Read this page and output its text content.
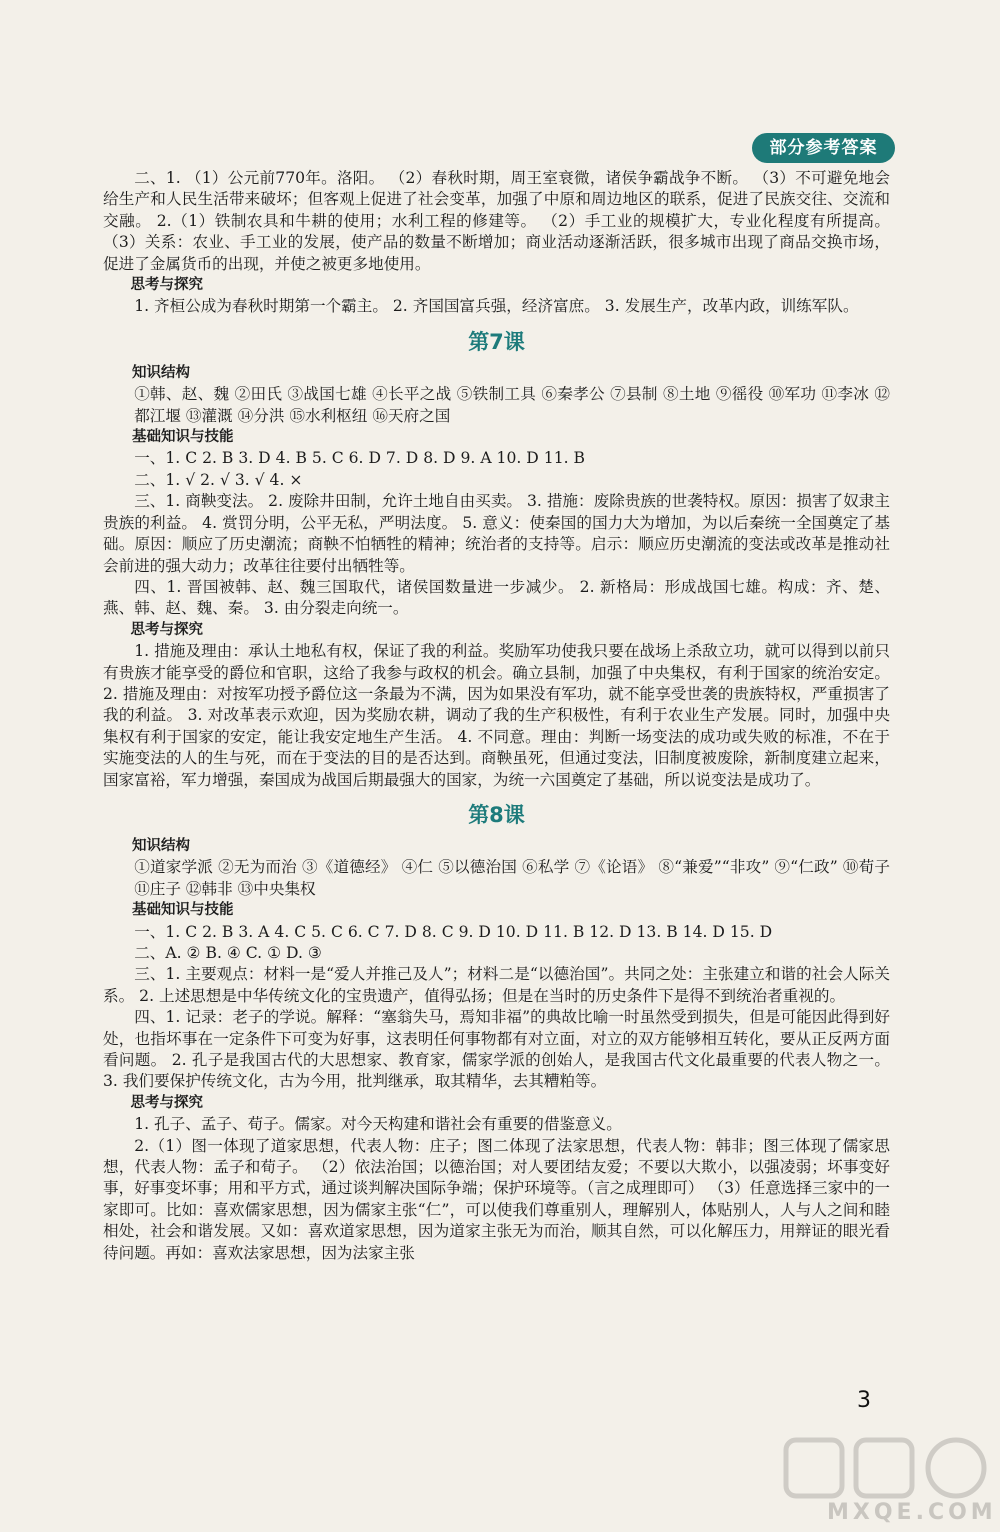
部分参考答案

二、1. （1）公元前770年。洛阳。 （2）春秋时期，周王室衰微，诸侯争霸战争不断。 （3）不可避免地会给生产和人民生活带来破坏；但客观上促进了社会变革，加强了中原和周边地区的联系，促进了民族交往、交流和交融。 2.（1）铁制农具和牛耕的使用；水利工程的修建等。 （2）手工业的规模扩大，专业化程度有所提高。 （3）关系：农业、手工业的发展，使产品的数量不断增加；商业活动逐渐活跃，很多城市出现了商品交换市场，促进了金属货币的出现，并使之被更多地使用。

思考与探究

1. 齐桓公成为春秋时期第一个霸主。 2. 齐国国富兵强，经济富庶。 3. 发展生产，改革内政，训练军队。

第7课

知识结构

①韩、赵、魏 ②田氏 ③战国七雄 ④长平之战 ⑤铁制工具 ⑥秦孝公 ⑦县制 ⑧土地 ⑨徭役 ⑩军功 ⑪李冰 ⑫都江堰 ⑬灌溉 ⑭分洪 ⑮水利枢纽 ⑯天府之国

基础知识与技能

一、1. C 2. B 3. D 4. B 5. C 6. D 7. D 8. D 9. A 10. D 11. B

二、1. √ 2. √ 3. √ 4. ×

三、1. 商鞅变法。 2. 废除井田制，允许土地自由买卖。 3. 措施：废除贵族的世袭特权。原因：损害了奴隶主贵族的利益。 4. 赏罚分明，公平无私，严明法度。 5. 意义：使秦国的国力大为增加，为以后秦统一全国奠定了基础。原因：顺应了历史潮流；商鞅不怕牺牲的精神；统治者的支持等。启示：顺应历史潮流的变法或改革是推动社会前进的强大动力；改革往往要付出牺牲等。

四、1. 晋国被韩、赵、魏三国取代，诸侯国数量进一步减少。 2. 新格局：形成战国七雄。构成：齐、楚、燕、韩、赵、魏、秦。 3. 由分裂走向统一。

思考与探究

1. 措施及理由：承认土地私有权，保证了我的利益。奖励军功使我只要在战场上杀敌立功，就可以得到以前只有贵族才能享受的爵位和官职，这给了我参与政权的机会。确立县制，加强了中央集权，有利于国家的统治安定。 2. 措施及理由：对按军功授予爵位这一条最为不满，因为如果没有军功，就不能享受世袭的贵族特权，严重损害了我的利益。 3. 对改革表示欢迎，因为奖励农耕，调动了我的生产积极性，有利于农业生产发展。同时，加强中央集权有利于国家的安定，能让我安定地生产生活。 4. 不同意。理由：判断一场变法的成功或失败的标准，不在于实施变法的人的生与死，而在于变法的目的是否达到。商鞅虽死，但通过变法，旧制度被废除，新制度建立起来，国家富裕，军力增强，秦国成为战国后期最强大的国家，为统一六国奠定了基础，所以说变法是成功了。

第8课

知识结构

①道家学派 ②无为而治 ③《道德经》 ④仁 ⑤以德治国 ⑥私学 ⑦《论语》 ⑧“兼爱”“非攻” ⑨“仁政” ⑩荀子 ⑪庄子 ⑫韩非 ⑬中央集权

基础知识与技能

一、1. C 2. B 3. A 4. C 5. C 6. C 7. D 8. C 9. D 10. D 11. B 12. D 13. B 14. D 15. D

二、A. ② B. ④ C. ① D. ③

三、1. 主要观点：材料一是“爱人并推己及人”；材料二是“以德治国”。共同之处：主张建立和谐的社会人际关系。 2. 上述思想是中华传统文化的宝贵遗产，值得弘扬；但是在当时的历史条件下是得不到统治者重视的。

四、1. 记录：老子的学说。解释：“塞翁失马，焉知非福”的典故比喻一时虽然受到损失，但是可能因此得到好处，也指坏事在一定条件下可变为好事，这表明任何事物都有对立面，对立的双方能够相互转化，要从正反两方面看问题。 2. 孔子是我国古代的大思想家、教育家，儒家学派的创始人，是我国古代文化最重要的代表人物之一。 3. 我们要保护传统文化，古为今用，批判继承，取其精华，去其糟粕等。

思考与探究

1. 孔子、孟子、荀子。儒家。对今天构建和谐社会有重要的借鉴意义。

2.（1）图一体现了道家思想，代表人物：庄子；图二体现了法家思想，代表人物：韩非；图三体现了儒家思想，代表人物：孟子和荀子。 （2）依法治国；以德治国；对人要团结友爱；不要以大欺小，以强凌弱；坏事变好事，好事变坏事；用和平方式，通过谈判解决国际争端；保护环境等。（言之成理即可） （3）任意选择三家中的一家即可。比如：喜欢儒家思想，因为儒家主张“仁”，可以使我们尊重别人，理解别人，体贴别人，人与人之间和睦相处，社会和谐发展。又如：喜欢道家思想，因为道家主张无为而治，顺其自然，可以化解压力，用辩证的眼光看待问题。再如：喜欢法家思想，因为法家主张

3
MXQE.COM
